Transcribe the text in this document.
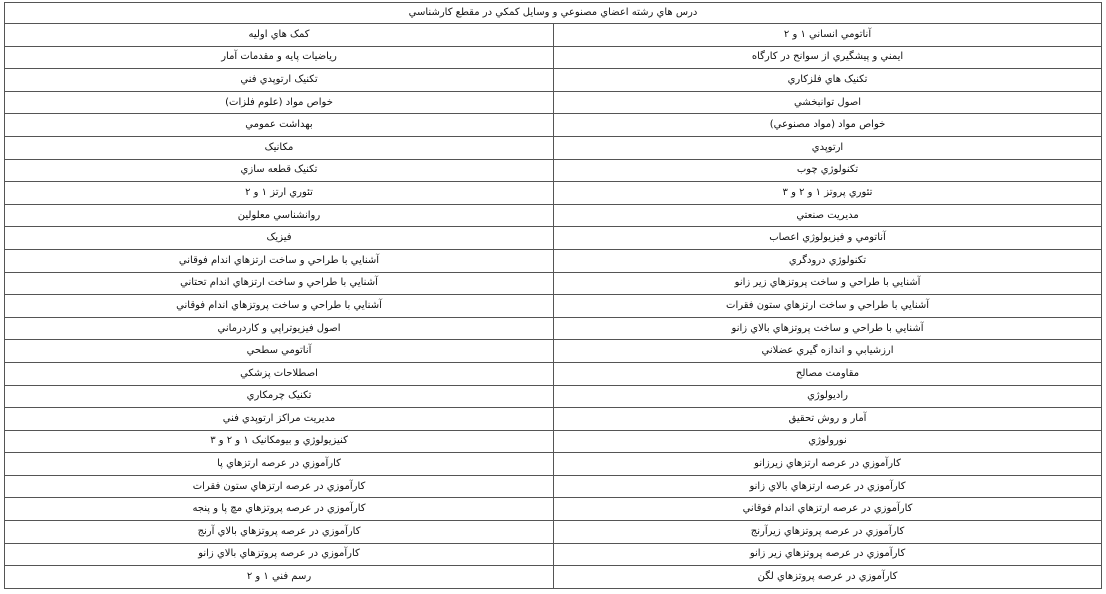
درس هاي رشته اعضاي مصنوعي و وسايل کمکي در مقطع کارشناسي	
آناتومي انساني ۱ و ۲	کمک هاي اوليه
ايمني و پيشگيري از سوانح در کارگاه	رياضيات پايه و مقدمات آمار
تکنيک هاي فلزکاري	تکنيک ارتوپدي فني
اصول توانبخشي	خواص مواد (علوم فلزات)
خواص مواد (مواد مصنوعي)	بهداشت عمومي
ارتوپدي	مکانيک
تکنولوژي چوب	تکنيک قطعه سازي
تئوري پروتز ۱ و ۲ و ۳	تئوري ارتز ۱ و ۲
مديريت صنعتي	روانشناسي معلولين
آناتومي و فيزيولوژي اعصاب	فيزيک
تکنولوژي درودگري	آشنايي با طراحي و ساخت ارتزهاي اندام فوقاني
آشنايي با طراحي و ساخت پروتزهاي زير زانو	آشنايي با طراحي و ساخت ارتزهاي اندام تحتاني
آشنايي با طراحي و ساخت ارتزهاي ستون فقرات	آشنايي با طراحي و ساخت پروتزهاي اندام فوقاني
آشنايي با طراحي و ساخت پروتزهاي بالاي زانو	اصول فيزيوتراپي و کاردرماني
ارزشيابي و اندازه گيري عضلاني	آناتومي سطحي
مقاومت مصالح	اصطلاحات پزشکي
راديولوژي	تکنيک چرمکاري
آمار و روش تحقيق	مديريت مراکز ارتوپدي فني
نورولوژي	کنيزيولوژي و بيومکانيک ۱ و ۲ و ۳
کارآموزي در عرصه ارتزهاي زيرزانو	کارآموزي در عرصه ارتزهاي پا
کارآموزي در عرصه ارتزهاي بالاي زانو	کارآموزي در عرصه ارتزهاي ستون فقرات
کارآموزي در عرصه ارتزهاي اندام فوقاني	کارآموزي در عرصه پروتزهاي مچ پا و پنجه
کارآموزي در عرصه پروتزهاي زيرآرنج	کارآموزي در عرصه پروتزهاي بالاي آرنج
کارآموزي در عرصه پروتزهاي زير زانو	کارآموزي در عرصه پروتزهاي بالاي زانو
کارآموزي در عرصه پروتزهاي لگن	رسم فني ۱ و ۲
